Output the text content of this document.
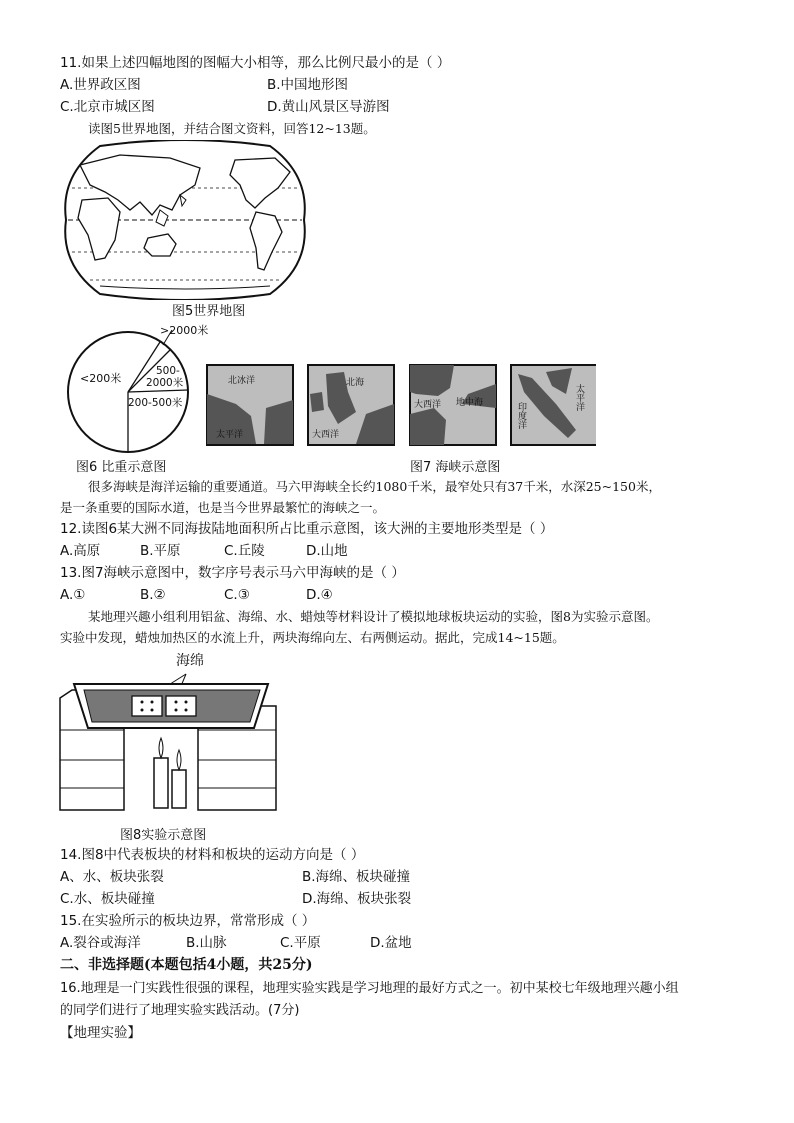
11.如果上述四幅地图的图幅大小相等，那么比例尺最小的是（ ）
A.世界政区图	B.中国地形图
C.北京市城区图	D.黄山风景区导游图
读图5世界地图，并结合图文资料，回答12~13题。
图5世界地图
>2000米
<200米
500-
2000米
200-500米
图6 比重示意图
北冰洋
太平洋
北海
大西洋
大西洋 地中海	太平洋
印度洋
图7 海峡示意图
很多海峡是海洋运输的重要通道。马六甲海峡全长约1080千米，最窄处只有37千米，水深25~150米，
是一条重要的国际水道，也是当今世界最繁忙的海峡之一。
12.读图6某大洲不同海拔陆地面积所占比重示意图，该大洲的主要地形类型是（ ）
A.高原	B.平原	C.丘陵	D.山地
13.图7海峡示意图中，数字序号表示马六甲海峡的是（ ）
A.①	B.②	C.③	D.④
某地理兴趣小组利用铝盆、海绵、水、蜡烛等材料设计了模拟地球板块运动的实验，图8为实验示意图。
实验中发现，蜡烛加热区的水流上升，两块海绵向左、右两侧运动。据此，完成14~15题。
海绵
图8实验示意图
14.图8中代表板块的材料和板块的运动方向是（ ）
A、水、板块张裂	B.海绵、板块碰撞
C.水、板块碰撞	D.海绵、板块张裂
15.在实验所示的板块边界，常常形成（ ）
A.裂谷或海洋	B.山脉	C.平原	D.盆地
二、非选择题(本题包括4小题，共25分)
16.地理是一门实践性很强的课程，地理实验实践是学习地理的最好方式之一。初中某校七年级地理兴趣小组
的同学们进行了地理实验实践活动。(7分)
【地理实验】
